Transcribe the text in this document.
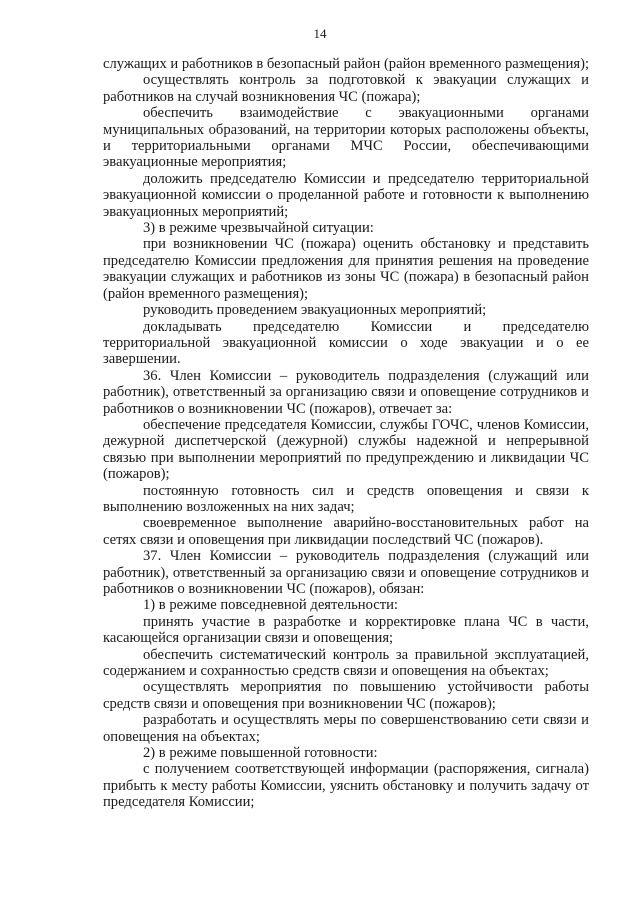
14

служащих и работников в безопасный район (район временного размещения);

осуществлять контроль за подготовкой к эвакуации служащих и работников на случай возникновения ЧС (пожара);

обеспечить взаимодействие с эвакуационными органами муниципальных образований, на территории которых расположены объекты, и территориальными органами МЧС России, обеспечивающими эвакуационные мероприятия;

доложить председателю Комиссии и председателю территориальной эвакуационной комиссии о проделанной работе и готовности к выполнению эвакуационных мероприятий;

3) в режиме чрезвычайной ситуации:

при возникновении ЧС (пожара) оценить обстановку и представить председателю Комиссии предложения для принятия решения на проведение эвакуации служащих и работников из зоны ЧС (пожара) в безопасный район (район временного размещения);

руководить проведением эвакуационных мероприятий;

докладывать председателю Комиссии и председателю территориальной эвакуационной комиссии о ходе эвакуации и о ее завершении.

36. Член Комиссии – руководитель подразделения (служащий или работник), ответственный за организацию связи и оповещение сотрудников и работников о возникновении ЧС (пожаров), отвечает за:

обеспечение председателя Комиссии, службы ГОЧС, членов Комиссии, дежурной диспетчерской (дежурной) службы надежной и непрерывной связью при выполнении мероприятий по предупреждению и ликвидации ЧС (пожаров);

постоянную готовность сил и средств оповещения и связи к выполнению возложенных на них задач;

своевременное выполнение аварийно-восстановительных работ на сетях связи и оповещения при ликвидации последствий ЧС (пожаров).

37. Член Комиссии – руководитель подразделения (служащий или работник), ответственный за организацию связи и оповещение сотрудников и работников о возникновении ЧС (пожаров), обязан:

1) в режиме повседневной деятельности:

принять участие в разработке и корректировке плана ЧС в части, касающейся организации связи и оповещения;

обеспечить систематический контроль за правильной эксплуатацией, содержанием и сохранностью средств связи и оповещения на объектах;

осуществлять мероприятия по повышению устойчивости работы средств связи и оповещения при возникновении ЧС (пожаров);

разработать и осуществлять меры по совершенствованию сети связи и оповещения на объектах;

2) в режиме повышенной готовности:

с получением соответствующей информации (распоряжения, сигнала) прибыть к месту работы Комиссии, уяснить обстановку и получить задачу от председателя Комиссии;
